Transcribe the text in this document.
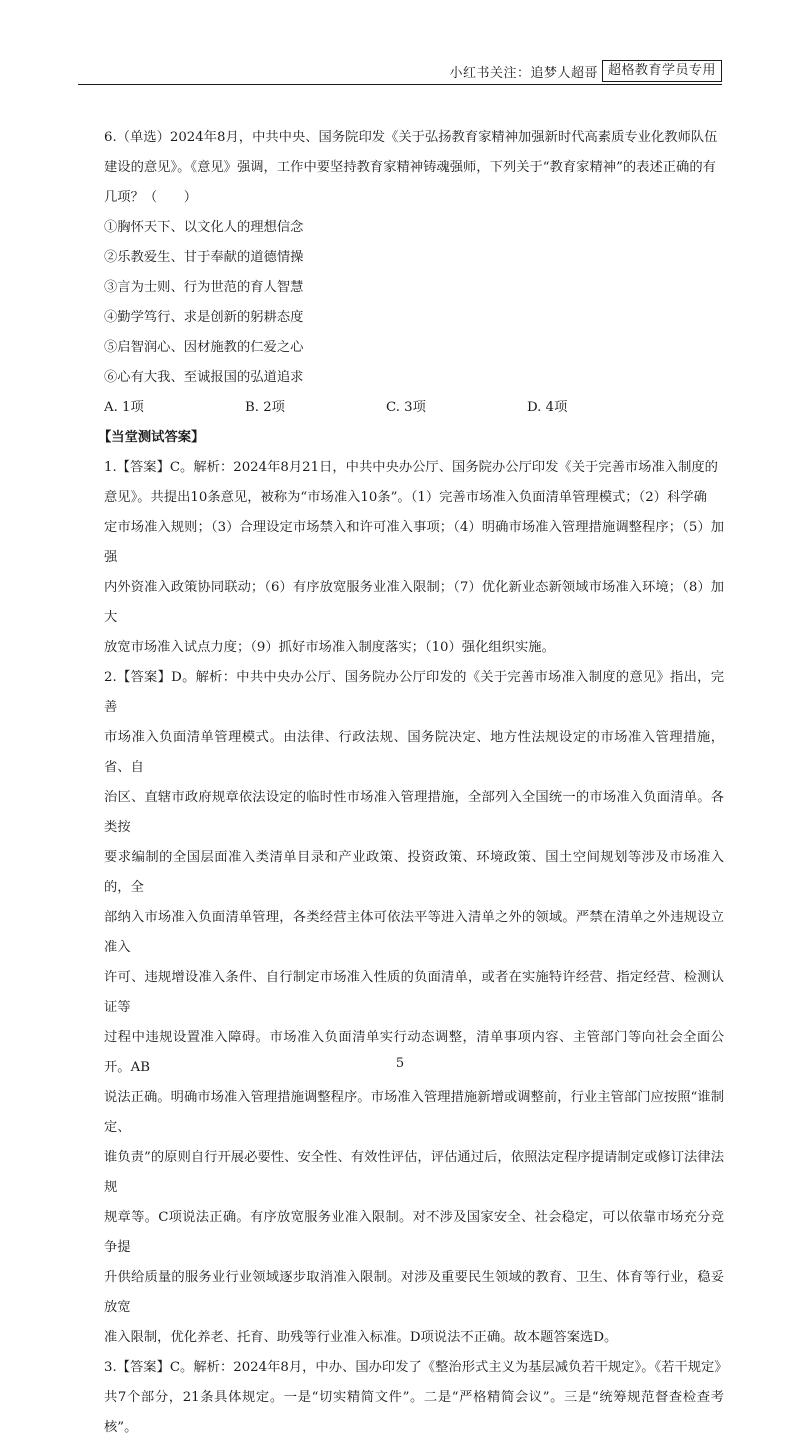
小红书关注：追梦人超哥 超格教育学员专用

6.（单选）2024年8月，中共中央、国务院印发《关于弘扬教育家精神加强新时代高素质专业化教师队伍

建设的意见》。《意见》强调，工作中要坚持教育家精神铸魂强师，下列关于“教育家精神”的表述正确的有

几项？（　　）

①胸怀天下、以文化人的理想信念

②乐教爱生、甘于奉献的道德情操

③言为士则、行为世范的育人智慧

④勤学笃行、求是创新的躬耕态度

⑤启智润心、因材施教的仁爱之心

⑥心有大我、至诚报国的弘道追求

A. 1项	B. 2项	C. 3项	D. 4项

【当堂测试答案】

1.【答案】C。解析：2024年8月21日，中共中央办公厅、国务院办公厅印发《关于完善市场准入制度的

意见》。共提出10条意见，被称为“市场准入10条”。（1）完善市场准入负面清单管理模式；（2）科学确

定市场准入规则；（3）合理设定市场禁入和许可准入事项；（4）明确市场准入管理措施调整程序；（5）加强

内外资准入政策协同联动；（6）有序放宽服务业准入限制；（7）优化新业态新领域市场准入环境；（8）加大

放宽市场准入试点力度；（9）抓好市场准入制度落实；（10）强化组织实施。

2.【答案】D。解析：中共中央办公厅、国务院办公厅印发的《关于完善市场准入制度的意见》指出，完善

市场准入负面清单管理模式。由法律、行政法规、国务院决定、地方性法规设定的市场准入管理措施，省、自

治区、直辖市政府规章依法设定的临时性市场准入管理措施，全部列入全国统一的市场准入负面清单。各类按

要求编制的全国层面准入类清单目录和产业政策、投资政策、环境政策、国土空间规划等涉及市场准入的，全

部纳入市场准入负面清单管理，各类经营主体可依法平等进入清单之外的领域。严禁在清单之外违规设立准入

许可、违规增设准入条件、自行制定市场准入性质的负面清单，或者在实施特许经营、指定经营、检测认证等

过程中违规设置准入障碍。市场准入负面清单实行动态调整，清单事项内容、主管部门等向社会全面公开。AB

说法正确。明确市场准入管理措施调整程序。市场准入管理措施新增或调整前，行业主管部门应按照“谁制定、

谁负责”的原则自行开展必要性、安全性、有效性评估，评估通过后，依照法定程序提请制定或修订法律法规

规章等。C项说法正确。有序放宽服务业准入限制。对不涉及国家安全、社会稳定，可以依靠市场充分竞争提

升供给质量的服务业行业领域逐步取消准入限制。对涉及重要民生领域的教育、卫生、体育等行业，稳妥放宽

准入限制，优化养老、托育、助残等行业准入标准。D项说法不正确。故本题答案选D。

3.【答案】C。解析：2024年8月，中办、国办印发了《整治形式主义为基层减负若干规定》。《若干规定》

共7个部分，21条具体规定。一是“切实精简文件”。二是“严格精简会议”。三是“统筹规范督查检查考核”。

5
